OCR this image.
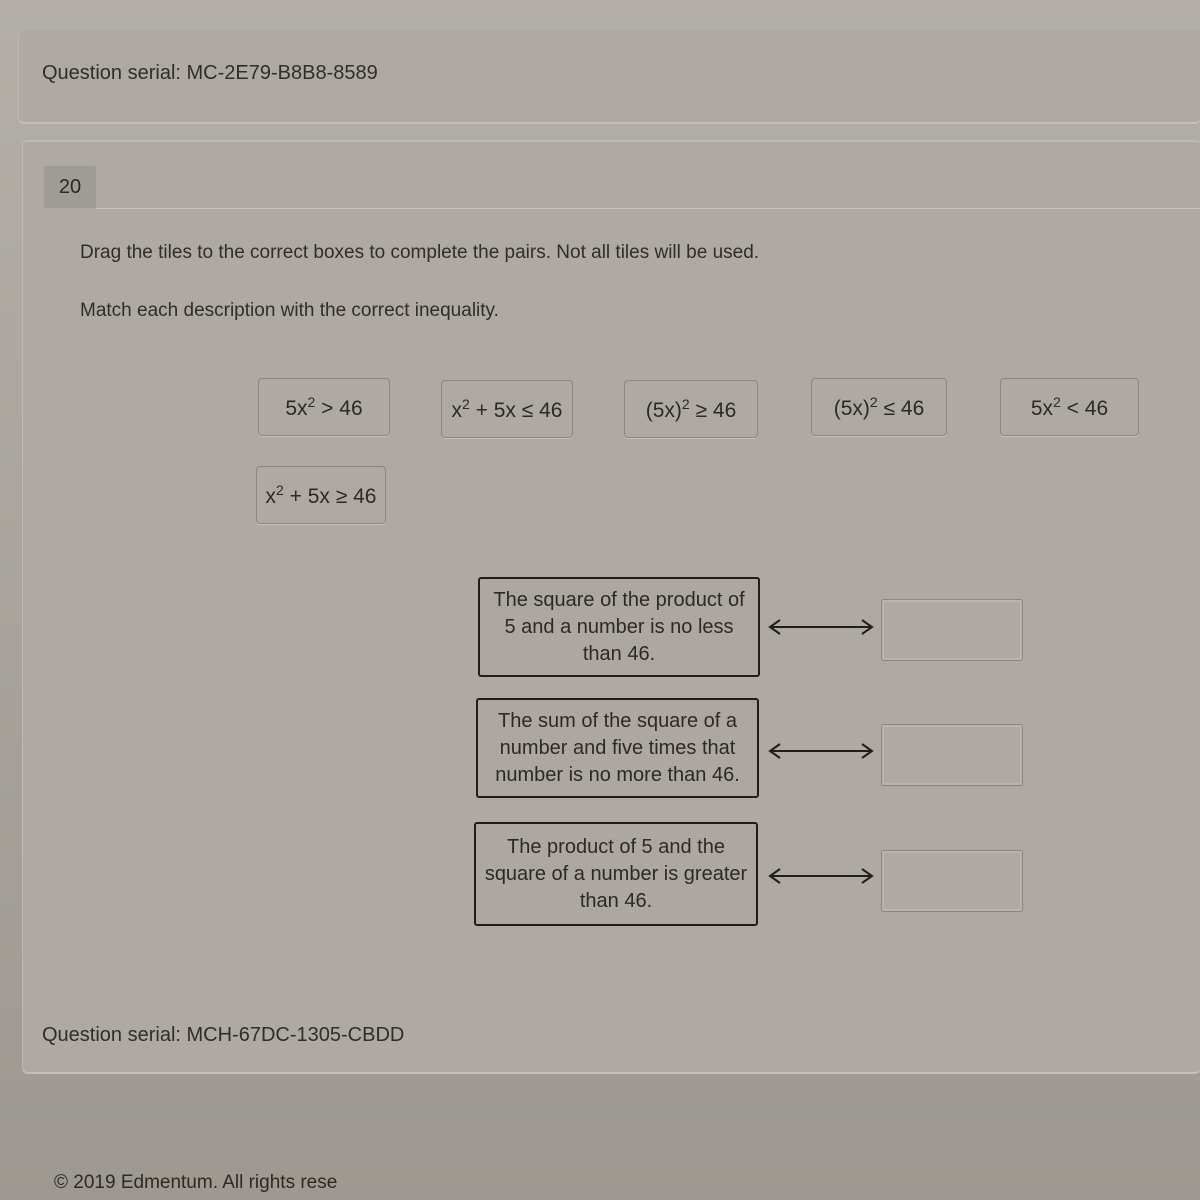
Question serial: MC-2E79-B8B8-8589
20
Drag the tiles to the correct boxes to complete the pairs. Not all tiles will be used.
Match each description with the correct inequality.
$5x^2 > 46$	$x^2 + 5x \le 46$	$(5x)^2 \ge 46$	$(5x)^2 \le 46$	$5x^2 < 46$
$x^2 + 5x \ge 46$
The square of the product of 5 and a number is no less than 46.
The sum of the square of a number and five times that number is no more than 46.
The product of 5 and the square of a number is greater than 46.
Question serial: MCH-67DC-1305-CBDD
© 2019 Edmentum. All rights rese
